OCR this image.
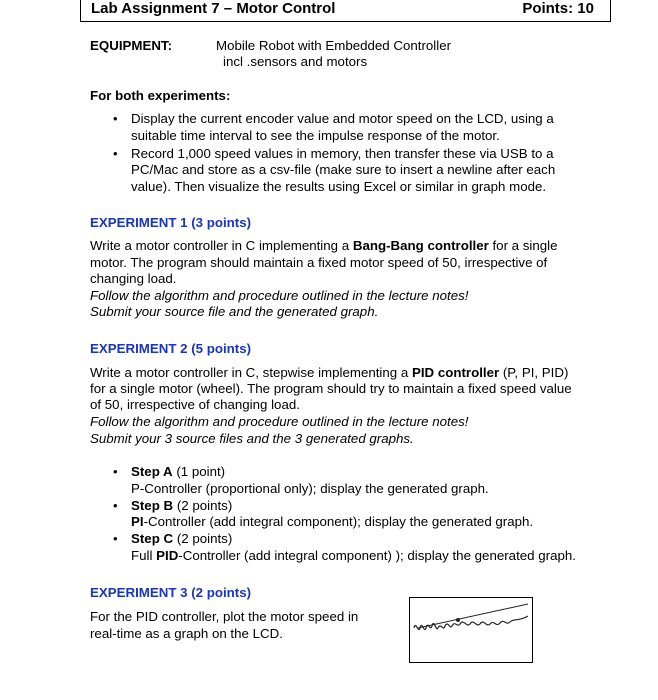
Lab Assignment 7 – Motor Control	Points: 10
EQUIPMENT:	Mobile Robot with Embedded Controller
incl .sensors and motors
For both experiments:
• Display the current encoder value and motor speed on the LCD, using a
suitable time interval to see the impulse response of the motor.
• Record 1,000 speed values in memory, then transfer these via USB to a
PC/Mac and store as a csv-file (make sure to insert a newline after each
value). Then visualize the results using Excel or similar in graph mode.
EXPERIMENT 1 (3 points)
Write a motor controller in C implementing a Bang-Bang controller for a single
motor. The program should maintain a fixed motor speed of 50, irrespective of
changing load.
Follow the algorithm and procedure outlined in the lecture notes!
Submit your source file and the generated graph.
EXPERIMENT 2 (5 points)
Write a motor controller in C, stepwise implementing a PID controller (P, PI, PID)
for a single motor (wheel). The program should try to maintain a fixed speed value
of 50, irrespective of changing load.
Follow the algorithm and procedure outlined in the lecture notes!
Submit your 3 source files and the 3 generated graphs.
• Step A (1 point)
P-Controller (proportional only); display the generated graph.
• Step B (2 points)
PI-Controller (add integral component); display the generated graph.
• Step C (2 points)
Full PID-Controller (add integral component) ); display the generated graph.
EXPERIMENT 3 (2 points)
For the PID controller, plot the motor speed in
real-time as a graph on the LCD.
